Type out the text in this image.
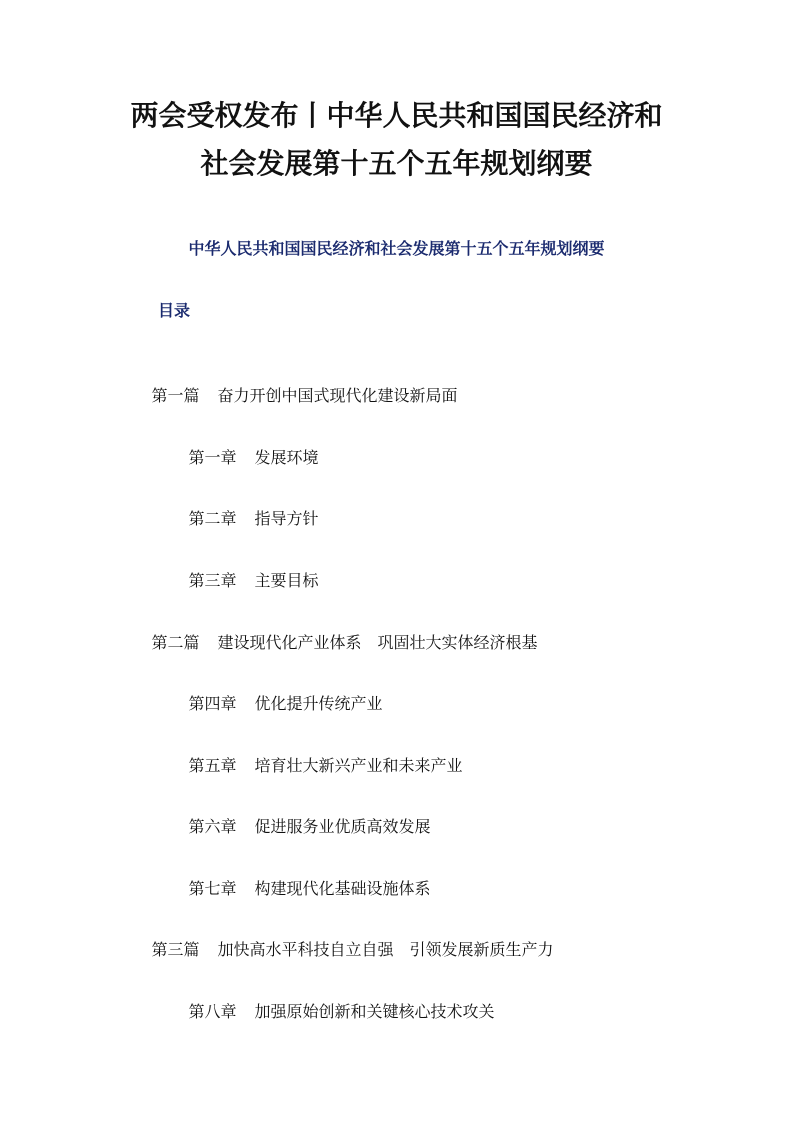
两会受权发布丨中华人民共和国国民经济和
社会发展第十五个五年规划纲要
中华人民共和国国民经济和社会发展第十五个五年规划纲要
目录

第一篇 奋力开创中国式现代化建设新局面

第一章 发展环境

第二章 指导方针

第三章 主要目标

第二篇 建设现代化产业体系　巩固壮大实体经济根基

第四章 优化提升传统产业

第五章 培育壮大新兴产业和未来产业

第六章 促进服务业优质高效发展

第七章 构建现代化基础设施体系

第三篇 加快高水平科技自立自强　引领发展新质生产力

第八章 加强原始创新和关键核心技术攻关
